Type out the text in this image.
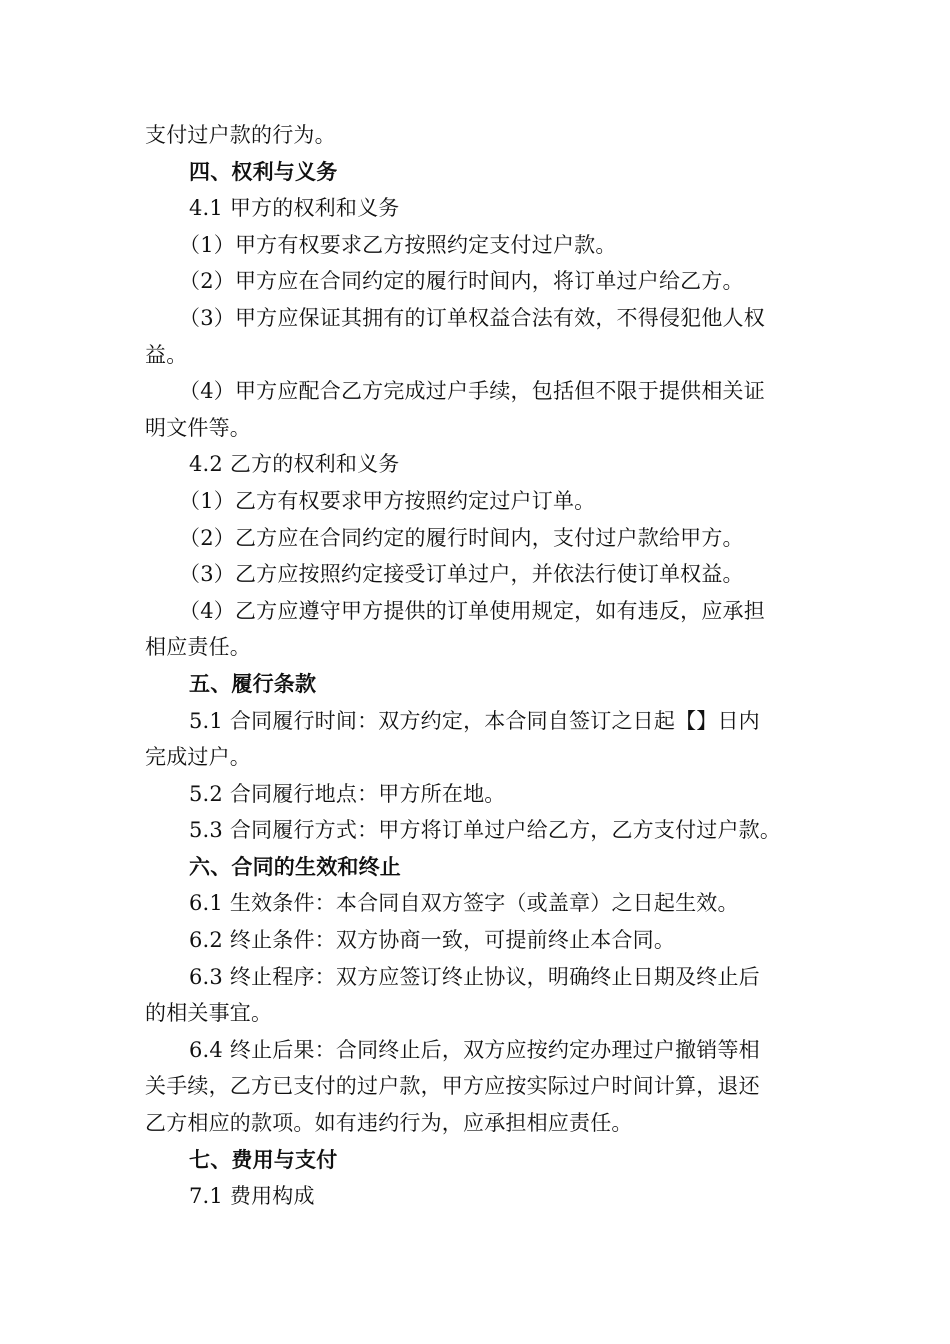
支付过户款的行为。
四、权利与义务
4.1 甲方的权利和义务
（1）甲方有权要求乙方按照约定支付过户款。
（2）甲方应在合同约定的履行时间内，将订单过户给乙方。
（3）甲方应保证其拥有的订单权益合法有效，不得侵犯他人权
益。
（4）甲方应配合乙方完成过户手续，包括但不限于提供相关证
明文件等。
4.2 乙方的权利和义务
（1）乙方有权要求甲方按照约定过户订单。
（2）乙方应在合同约定的履行时间内，支付过户款给甲方。
（3）乙方应按照约定接受订单过户，并依法行使订单权益。
（4）乙方应遵守甲方提供的订单使用规定，如有违反，应承担
相应责任。
五、履行条款
5.1 合同履行时间：双方约定，本合同自签订之日起【】日内
完成过户。
5.2 合同履行地点：甲方所在地。
5.3 合同履行方式：甲方将订单过户给乙方，乙方支付过户款。
六、合同的生效和终止
6.1 生效条件：本合同自双方签字（或盖章）之日起生效。
6.2 终止条件：双方协商一致，可提前终止本合同。
6.3 终止程序：双方应签订终止协议，明确终止日期及终止后
的相关事宜。
6.4 终止后果：合同终止后，双方应按约定办理过户撤销等相
关手续，乙方已支付的过户款，甲方应按实际过户时间计算，退还
乙方相应的款项。如有违约行为，应承担相应责任。
七、费用与支付
7.1 费用构成
